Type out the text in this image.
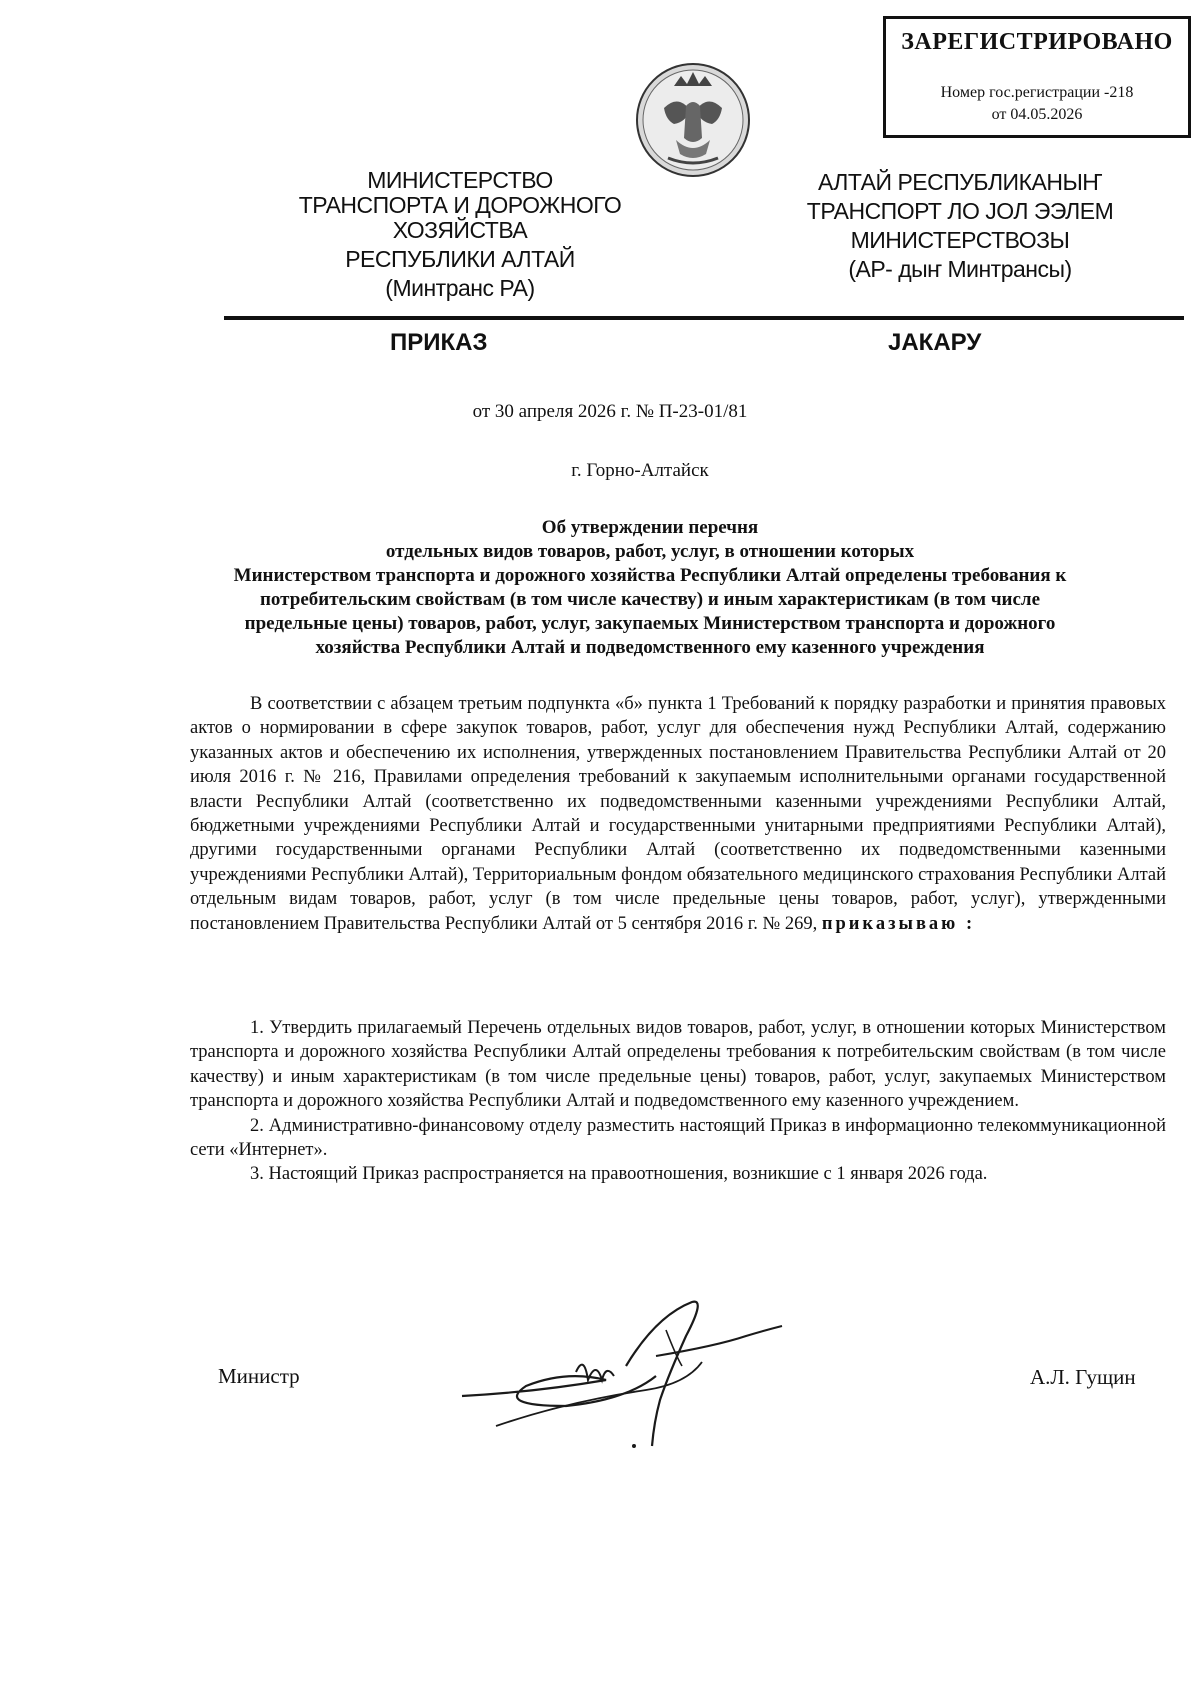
ЗАРЕГИСТРИРОВАНО
Номер гос.регистрации -218
от 04.05.2026
МИНИСТЕРСТВО
ТРАНСПОРТА И ДОРОЖНОГО
ХОЗЯЙСТВА
РЕСПУБЛИКИ АЛТАЙ
(Минтранс РА)
АЛТАЙ РЕСПУБЛИКАНЫҤ
ТРАНСПОРТ ЛО JОЛ ЭЭЛЕМ
МИНИСТЕРСТВОЗЫ
(АР- дыҥ Минтрансы)
ПРИКАЗ	JАКАРУ
от 30 апреля 2026 г. № П-23-01/81
г. Горно-Алтайск
Об утверждении перечня
отдельных видов товаров, работ, услуг, в отношении которых
Министерством транспорта и дорожного хозяйства Республики Алтай определены требования к
потребительским свойствам (в том числе качеству) и иным характеристикам (в том числе
предельные цены) товаров, работ, услуг, закупаемых Министерством транспорта и дорожного
хозяйства Республики Алтай и подведомственного ему казенного учреждения

В соответствии с абзацем третьим подпункта «б» пункта 1 Требований к порядку разработки и принятия правовых актов о нормировании в сфере закупок товаров, работ, услуг для обеспечения нужд Республики Алтай, содержанию указанных актов и обеспечению их исполнения, утвержденных постановлением Правительства Республики Алтай от 20 июля 2016 г. № 216, Правилами определения требований к закупаемым исполнительными органами государственной власти Республики Алтай (соответственно их подведомственными казенными учреждениями Республики Алтай, бюджетными учреждениями Республики Алтай и государственными унитарными предприятиями Республики Алтай), другими государственными органами Республики Алтай (соответственно их подведомственными казенными учреждениями Республики Алтай), Территориальным фондом обязательного медицинского страхования Республики Алтай отдельным видам товаров, работ, услуг (в том числе предельные цены товаров, работ, услуг), утвержденными постановлением Правительства Республики Алтай от 5 сентября 2016 г. № 269, приказываю :

1. Утвердить прилагаемый Перечень отдельных видов товаров, работ, услуг, в отношении которых Министерством транспорта и дорожного хозяйства Республики Алтай определены требования к потребительским свойствам (в том числе качеству) и иным характеристикам (в том числе предельные цены) товаров, работ, услуг, закупаемых Министерством транспорта и дорожного хозяйства Республики Алтай и подведомственного ему казенного учреждением.

2. Административно-финансовому отделу разместить настоящий Приказ в информационно телекоммуникационной сети «Интернет».

3. Настоящий Приказ распространяется на правоотношения, возникшие с 1 января 2026 года.

Министр	А.Л. Гущин
